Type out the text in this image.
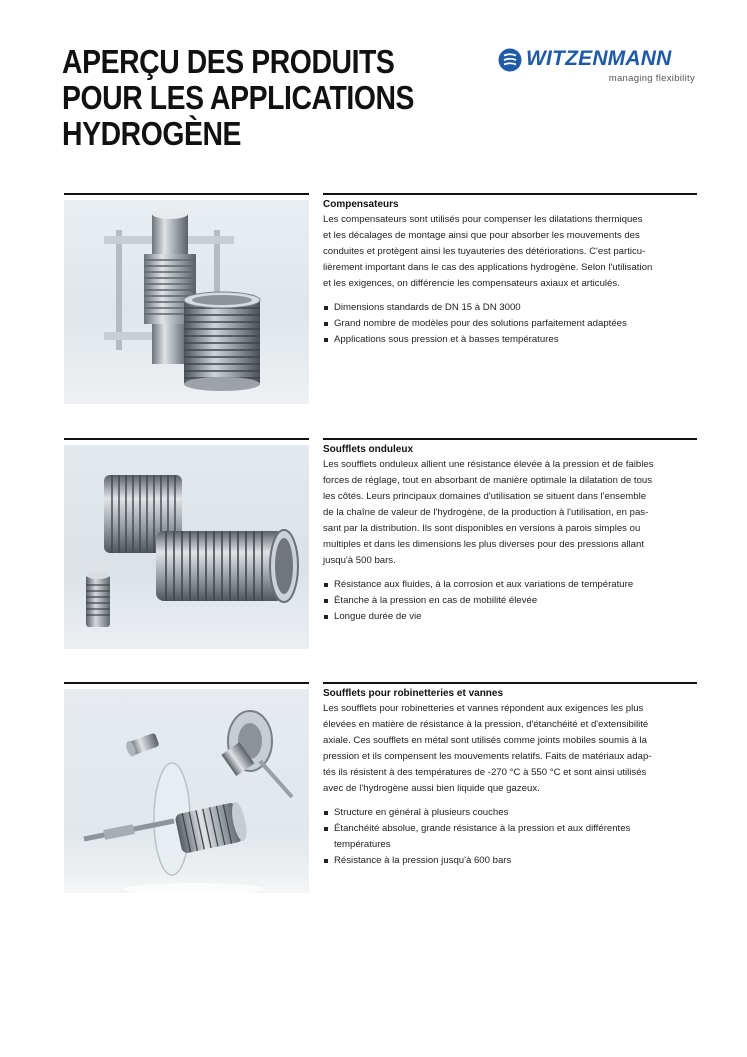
APERÇU DES PRODUITS
POUR LES APPLICATIONS
HYDROGÈNE
WITZENMANN
managing flexibility
Compensateurs
Les compensateurs sont utilisés pour compenser les dilatations thermiques
et les décalages de montage ainsi que pour absorber les mouvements des
conduites et protègent ainsi les tuyauteries des détériorations. C'est particu-
lièrement important dans le cas des applications hydrogène. Selon l'utilisation
et les exigences, on différencie les compensateurs axiaux et articulés.
Dimensions standards de DN 15 à DN 3000
Grand nombre de modèles pour des solutions parfaitement adaptées
Applications sous pression et à basses températures
Soufflets onduleux
Les soufflets onduleux allient une résistance élevée à la pression et de faibles
forces de réglage, tout en absorbant de manière optimale la dilatation de tous
les côtés. Leurs principaux domaines d'utilisation se situent dans l'ensemble
de la chaîne de valeur de l'hydrogène, de la production à l'utilisation, en pas-
sant par la distribution. Ils sont disponibles en versions à parois simples ou
multiples et dans les dimensions les plus diverses pour des pressions allant
jusqu'à 500 bars.
Résistance aux fluides, à la corrosion et aux variations de température
Étanche à la pression en cas de mobilité élevée
Longue durée de vie
Soufflets pour robinetteries et vannes
Les soufflets pour robinetteries et vannes répondent aux exigences les plus
élevées en matière de résistance à la pression, d'étanchéité et d'extensibilité
axiale. Ces soufflets en métal sont utilisés comme joints mobiles soumis à la
pression et ils compensent les mouvements relatifs. Faits de matériaux adap-
tés ils résistent à des températures de -270 °C à 550 °C et sont ainsi utilisés
avec de l'hydrogène aussi bien liquide que gazeux.
Structure en général à plusieurs couches
Étanchéité absolue, grande résistance à la pression et aux différentes
températures
Résistance à la pression jusqu'à 600 bars
